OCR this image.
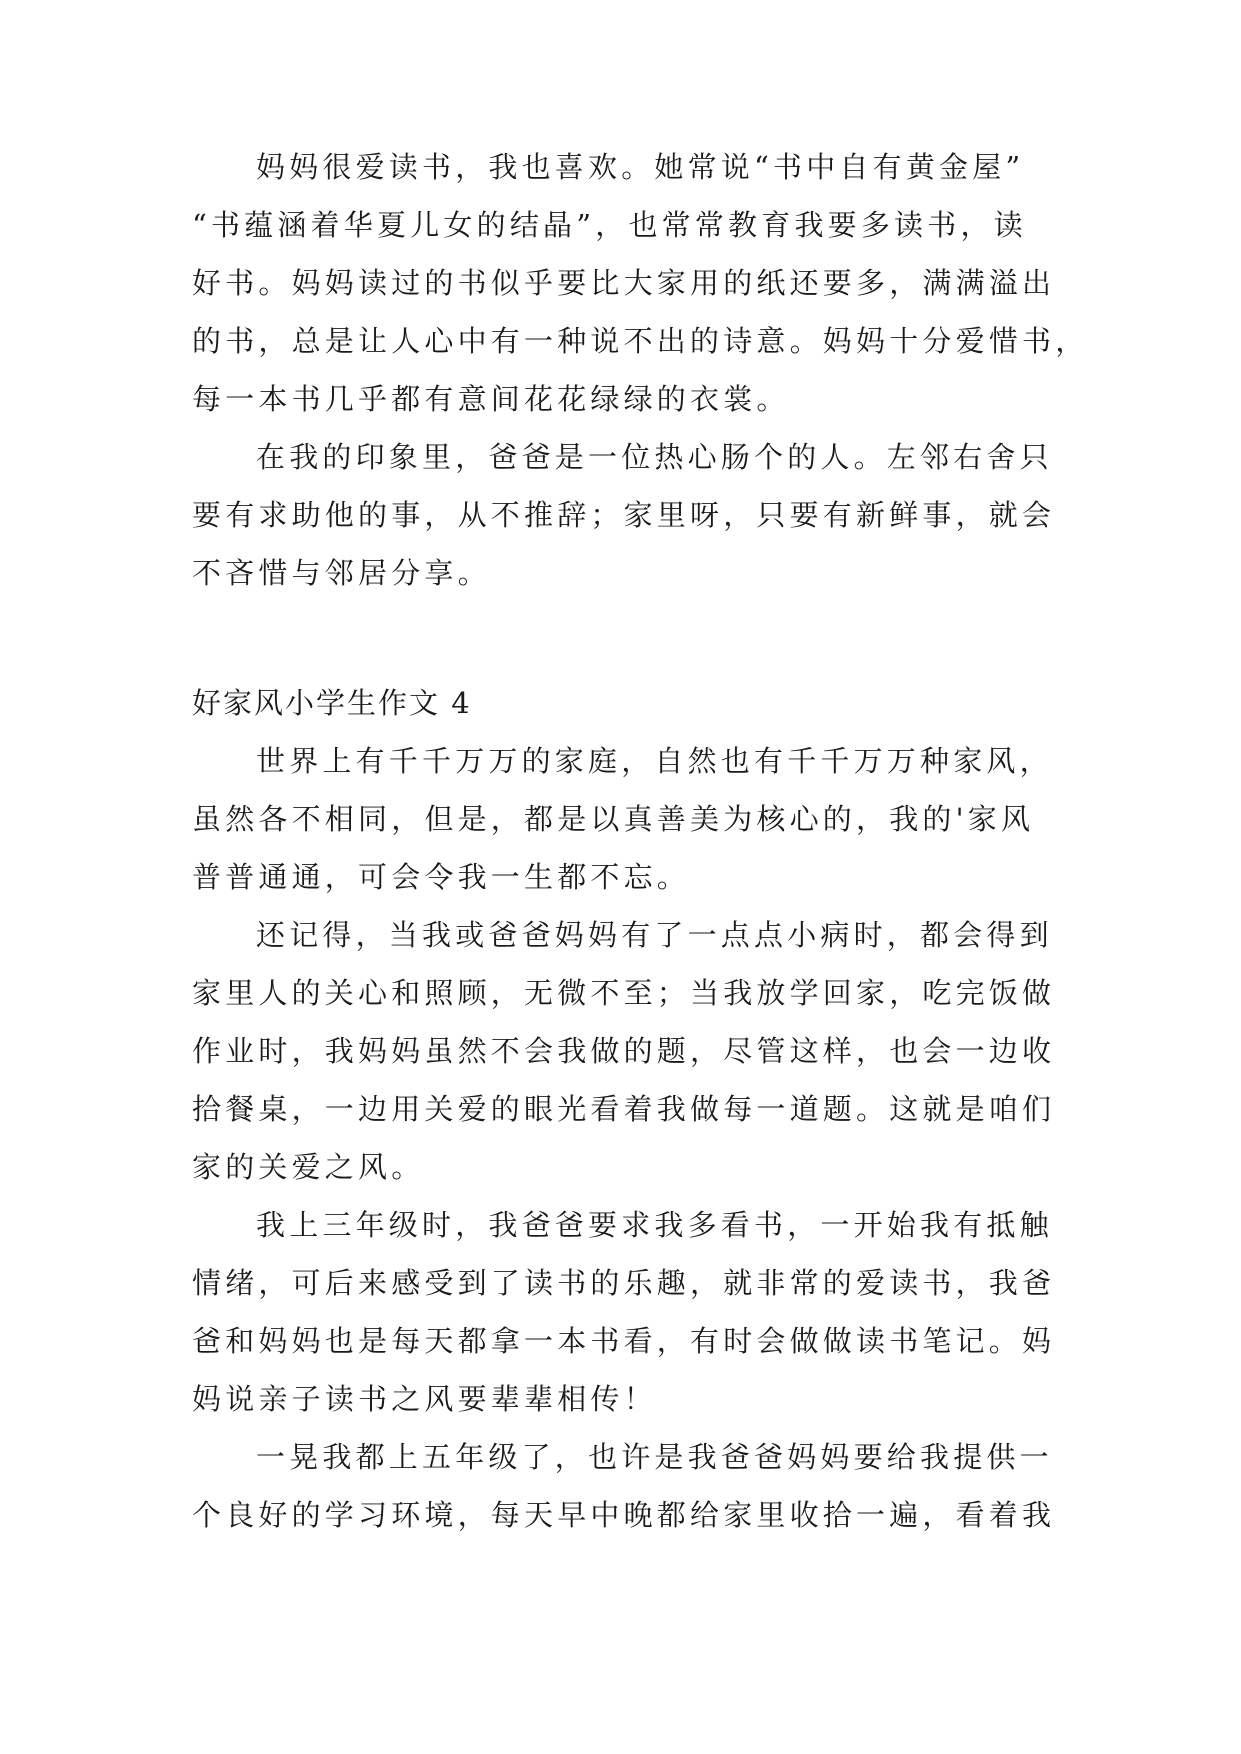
妈妈很爱读书，我也喜欢。她常说“书中自有黄金屋”
“书蕴涵着华夏儿女的结晶”，也常常教育我要多读书，读
好书。妈妈读过的书似乎要比大家用的纸还要多，满满溢出
的书，总是让人心中有一种说不出的诗意。妈妈十分爱惜书，
每一本书几乎都有意间花花绿绿的衣裳。
在我的印象里，爸爸是一位热心肠个的人。左邻右舍只
要有求助他的事，从不推辞；家里呀，只要有新鲜事，就会
不吝惜与邻居分享。
好家风小学生作文 4
世界上有千千万万的家庭，自然也有千千万万种家风，
虽然各不相同，但是，都是以真善美为核心的，我的'家风
普普通通，可会令我一生都不忘。
还记得，当我或爸爸妈妈有了一点点小病时，都会得到
家里人的关心和照顾，无微不至；当我放学回家，吃完饭做
作业时，我妈妈虽然不会我做的题，尽管这样，也会一边收
拾餐桌，一边用关爱的眼光看着我做每一道题。这就是咱们
家的关爱之风。
我上三年级时，我爸爸要求我多看书，一开始我有抵触
情绪，可后来感受到了读书的乐趣，就非常的爱读书，我爸
爸和妈妈也是每天都拿一本书看，有时会做做读书笔记。妈
妈说亲子读书之风要辈辈相传！
一晃我都上五年级了，也许是我爸爸妈妈要给我提供一
个良好的学习环境，每天早中晚都给家里收拾一遍，看着我
